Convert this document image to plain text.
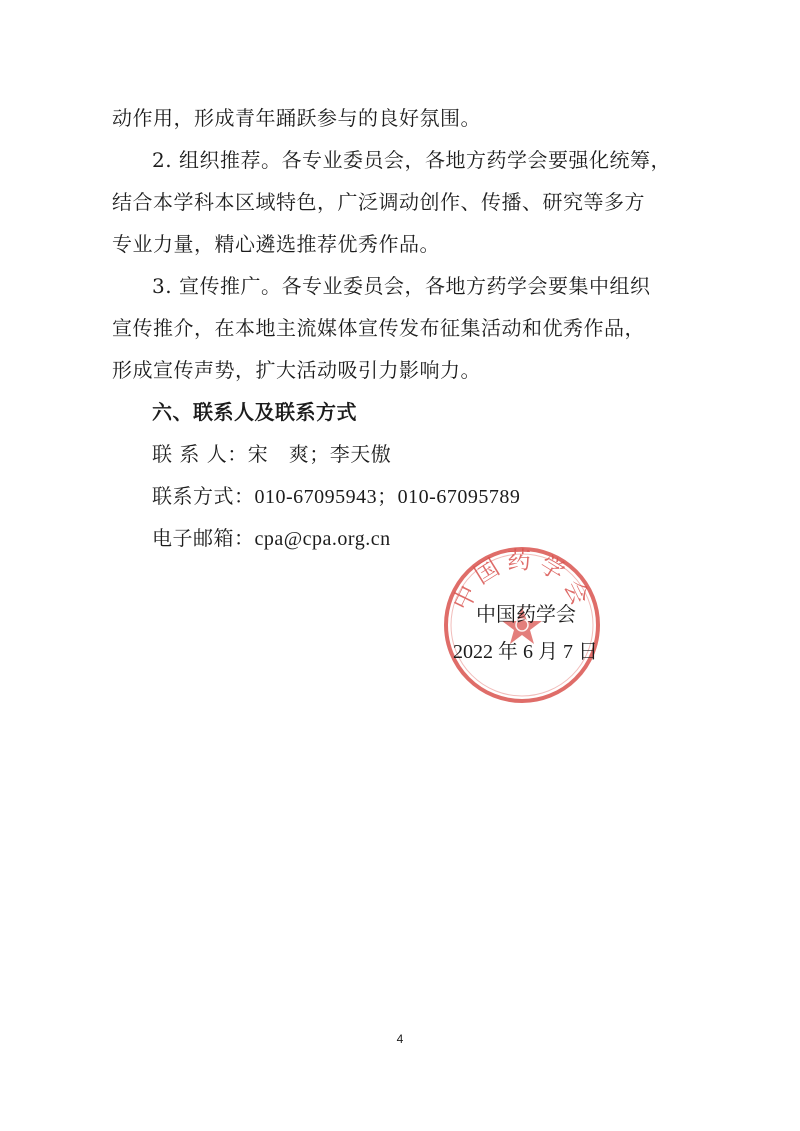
动作用，形成青年踊跃参与的良好氛围。
2. 组织推荐。各专业委员会，各地方药学会要强化统筹，
结合本学科本区域特色，广泛调动创作、传播、研究等多方
专业力量，精心遴选推荐优秀作品。
3. 宣传推广。各专业委员会，各地方药学会要集中组织
宣传推介，在本地主流媒体宣传发布征集活动和优秀作品，
形成宣传声势，扩大活动吸引力影响力。
六、联系人及联系方式
联 系 人：宋　爽；李天傲
联系方式：010-67095943；010-67095789
电子邮箱：cpa@cpa.org.cn
中国药学会
中国药学会
2022 年 6 月 7 日
4
